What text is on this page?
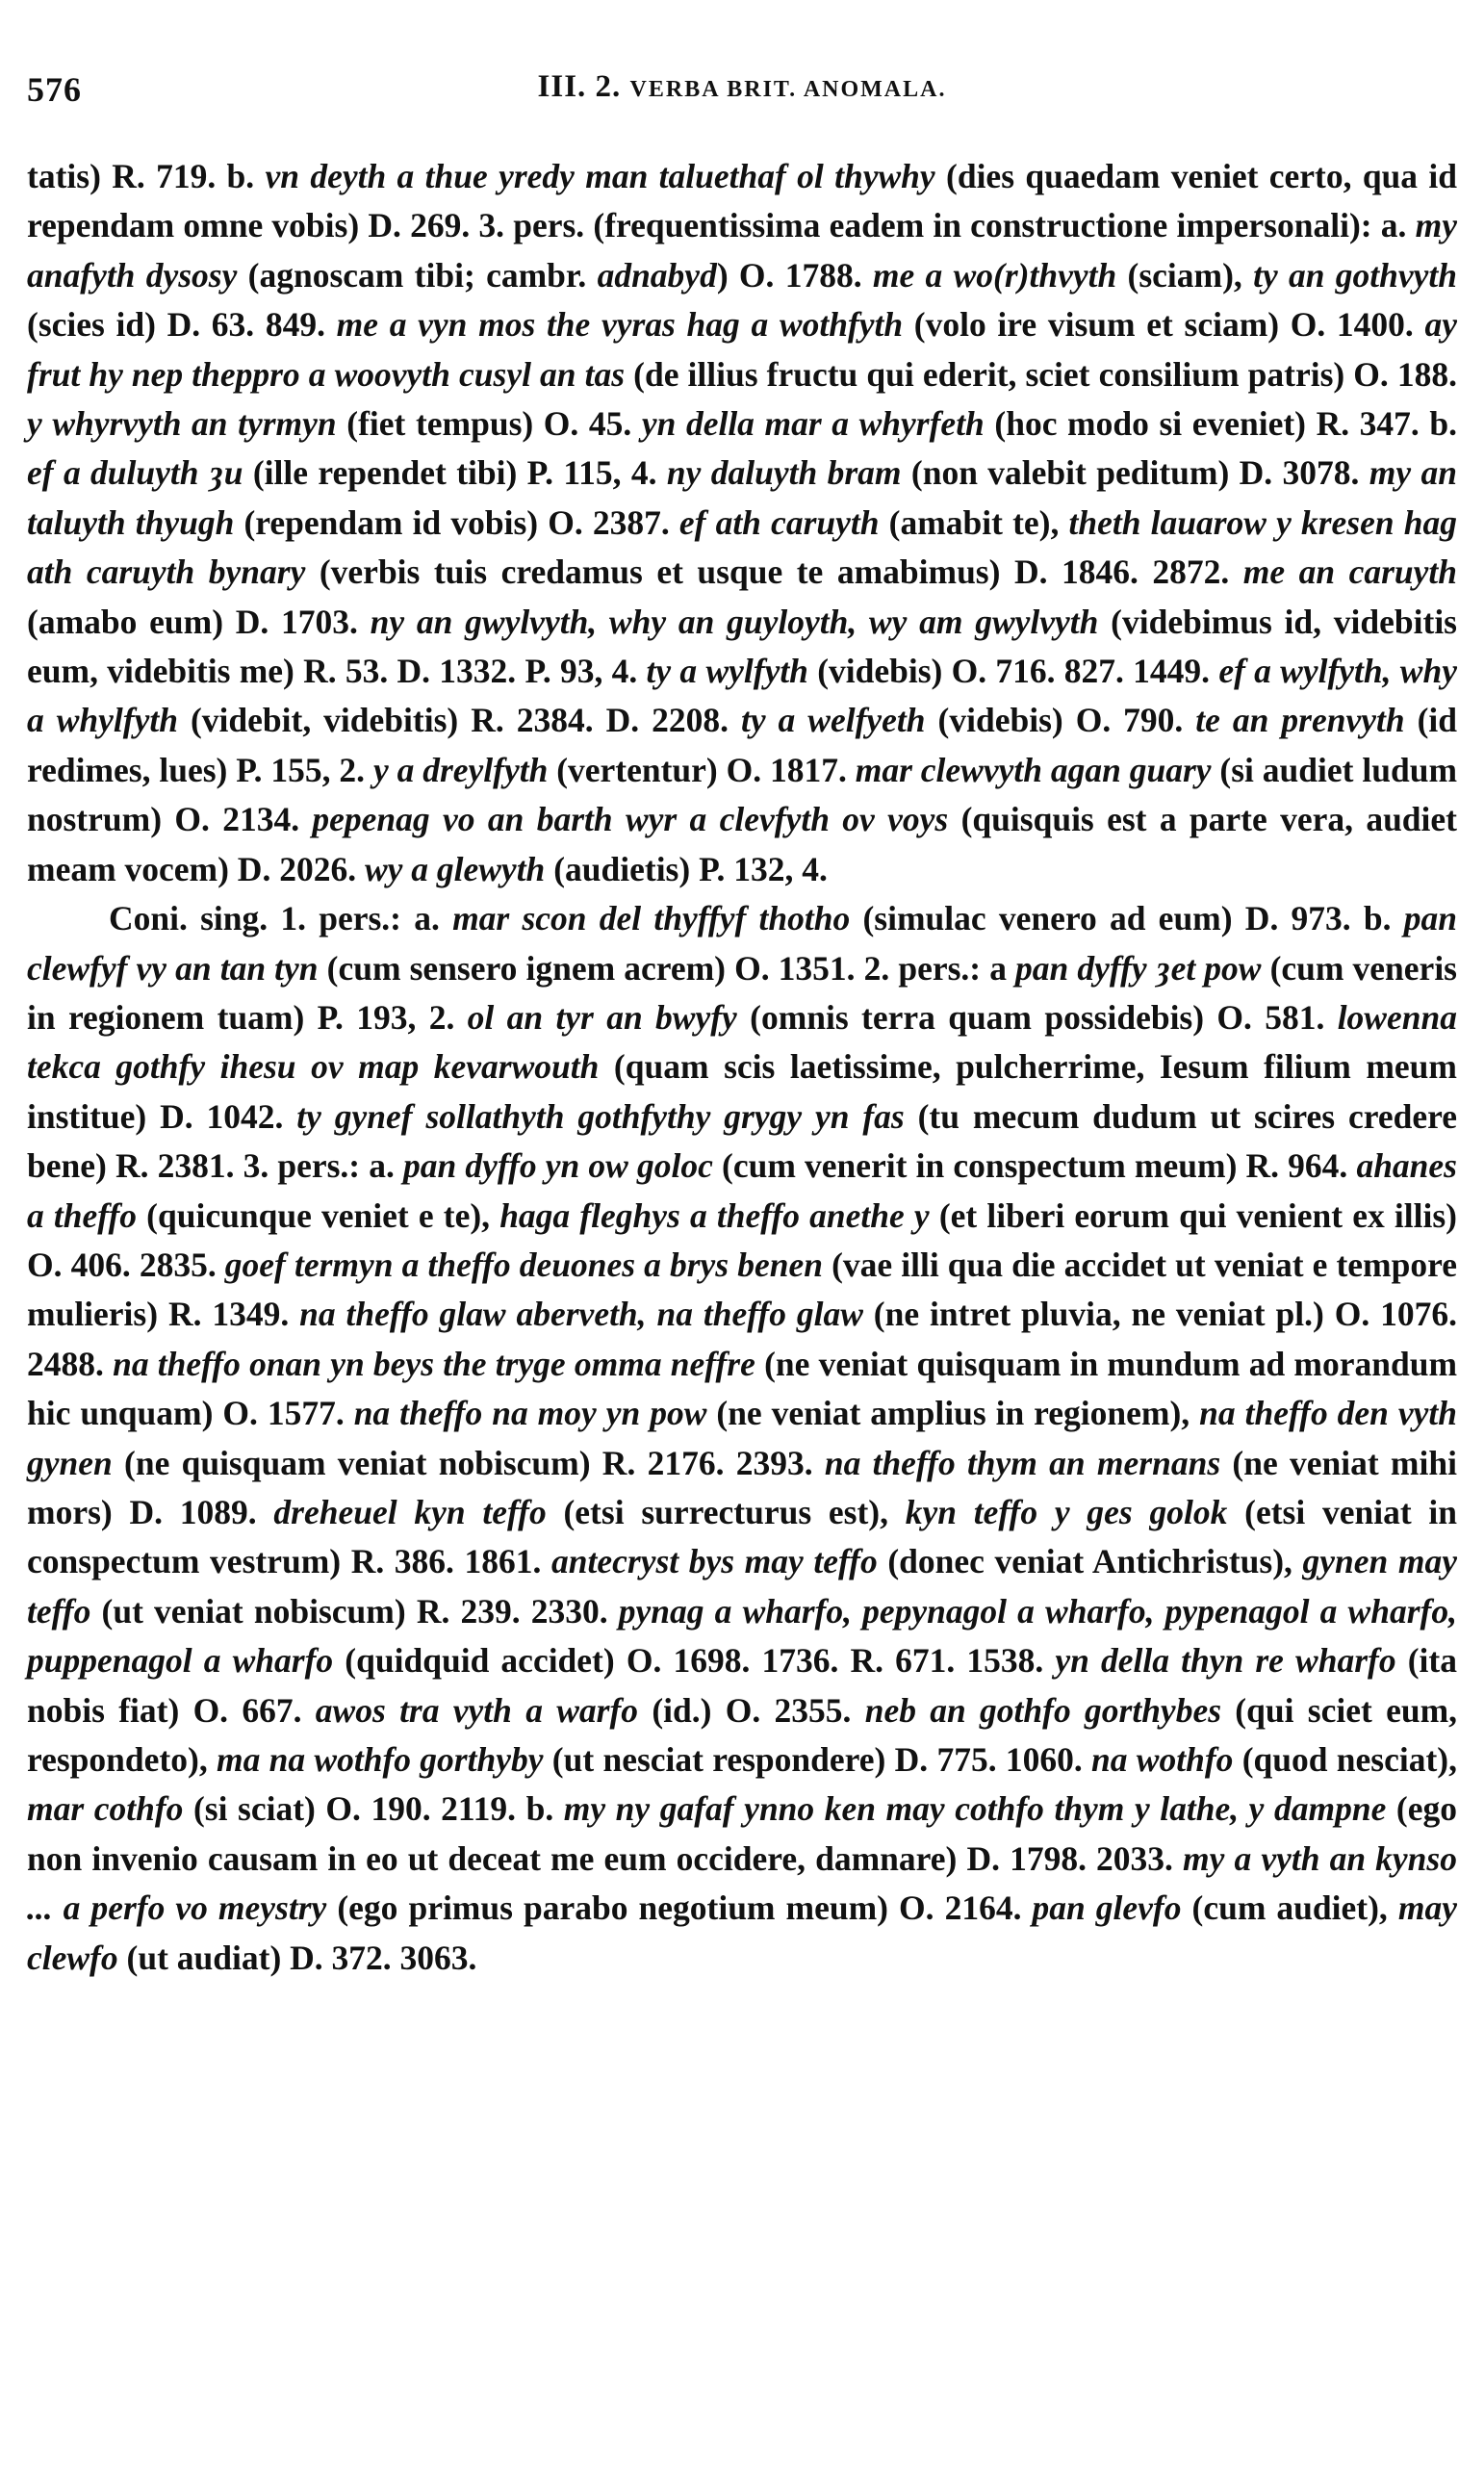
576	III. 2. VERBA BRIT. ANOMALA.

tatis) R. 719. b. vn deyth a thue yredy man taluethaf ol thywhy (dies quaedam veniet certo, qua id rependam omne vobis) D. 269. 3. pers. (frequentissima eadem in constructione impersonali): a. my anafyth dysosy (agnoscam tibi; cambr. adnabyd) O. 1788. me a wo(r)thvyth (sciam), ty an gothvyth (scies id) D. 63. 849. me a vyn mos the vyras hag a wothfyth (volo ire visum et sciam) O. 1400. ay frut hy nep theppro a woovyth cusyl an tas (de illius fructu qui ederit, sciet consilium patris) O. 188. y whyrvyth an tyrmyn (fiet tempus) O. 45. yn della mar a whyrfeth (hoc modo si eveniet) R. 347. b. ef a duluyth ȝu (ille rependet tibi) P. 115, 4. ny daluyth bram (non valebit peditum) D. 3078. my an taluyth thyugh (rependam id vobis) O. 2387. ef ath caruyth (amabit te), theth lauarow y kresen hag ath caruyth bynary (verbis tuis credamus et usque te amabimus) D. 1846. 2872. me an caruyth (amabo eum) D. 1703. ny an gwylvyth, why an guyloyth, wy am gwylvyth (videbimus id, videbitis eum, videbitis me) R. 53. D. 1332. P. 93, 4. ty a wylfyth (videbis) O. 716. 827. 1449. ef a wylfyth, why a whylfyth (videbit, videbitis) R. 2384. D. 2208. ty a welfyeth (videbis) O. 790. te an prenvyth (id redimes, lues) P. 155, 2. y a dreylfyth (vertentur) O. 1817. mar clewvyth agan guary (si audiet ludum nostrum) O. 2134. pepenag vo an barth wyr a clevfyth ov voys (quisquis est a parte vera, audiet meam vocem) D. 2026. wy a glewyth (audietis) P. 132, 4.

Coni. sing. 1. pers.: a. mar scon del thyffyf thotho (simulac venero ad eum) D. 973. b. pan clewfyf vy an tan tyn (cum sensero ignem acrem) O. 1351. 2. pers.: a pan dyffy ȝet pow (cum veneris in regionem tuam) P. 193, 2. ol an tyr an bwyfy (omnis terra quam possidebis) O. 581. lowenna tekca gothfy ihesu ov map kevarwouth (quam scis laetissime, pulcherrime, Iesum filium meum institue) D. 1042. ty gynef sollathyth gothfythy grygy yn fas (tu mecum dudum ut scires credere bene) R. 2381. 3. pers.: a. pan dyffo yn ow goloc (cum venerit in conspectum meum) R. 964. ahanes a theffo (quicunque veniet e te), haga fleghys a theffo anethe y (et liberi eorum qui venient ex illis) O. 406. 2835. goef termyn a theffo deuones a brys benen (vae illi qua die accidet ut veniat e tempore mulieris) R. 1349. na theffo glaw aberveth, na theffo glaw (ne intret pluvia, ne veniat pl.) O. 1076. 2488. na theffo onan yn beys the tryge omma neffre (ne veniat quisquam in mundum ad morandum hic unquam) O. 1577. na theffo na moy yn pow (ne veniat amplius in regionem), na theffo den vyth gynen (ne quisquam veniat nobiscum) R. 2176. 2393. na theffo thym an mernans (ne veniat mihi mors) D. 1089. dreheuel kyn teffo (etsi surrecturus est), kyn teffo y ges golok (etsi veniat in conspectum vestrum) R. 386. 1861. antecryst bys may teffo (donec veniat Antichristus), gynen may teffo (ut veniat nobiscum) R. 239. 2330. pynag a wharfo, pepynagol a wharfo, pypenagol a wharfo, puppenagol a wharfo (quidquid accidet) O. 1698. 1736. R. 671. 1538. yn della thyn re wharfo (ita nobis fiat) O. 667. awos tra vyth a warfo (id.) O. 2355. neb an gothfo gorthybes (qui sciet eum, respondeto), ma na wothfo gorthyby (ut nesciat respondere) D. 775. 1060. na wothfo (quod nesciat), mar cothfo (si sciat) O. 190. 2119. b. my ny gafaf ynno ken may cothfo thym y lathe, y dampne (ego non invenio causam in eo ut deceat me eum occidere, damnare) D. 1798. 2033. my a vyth an kynso ... a perfo vo meystry (ego primus parabo negotium meum) O. 2164. pan glevfo (cum audiet), may clewfo (ut audiat) D. 372. 3063.
